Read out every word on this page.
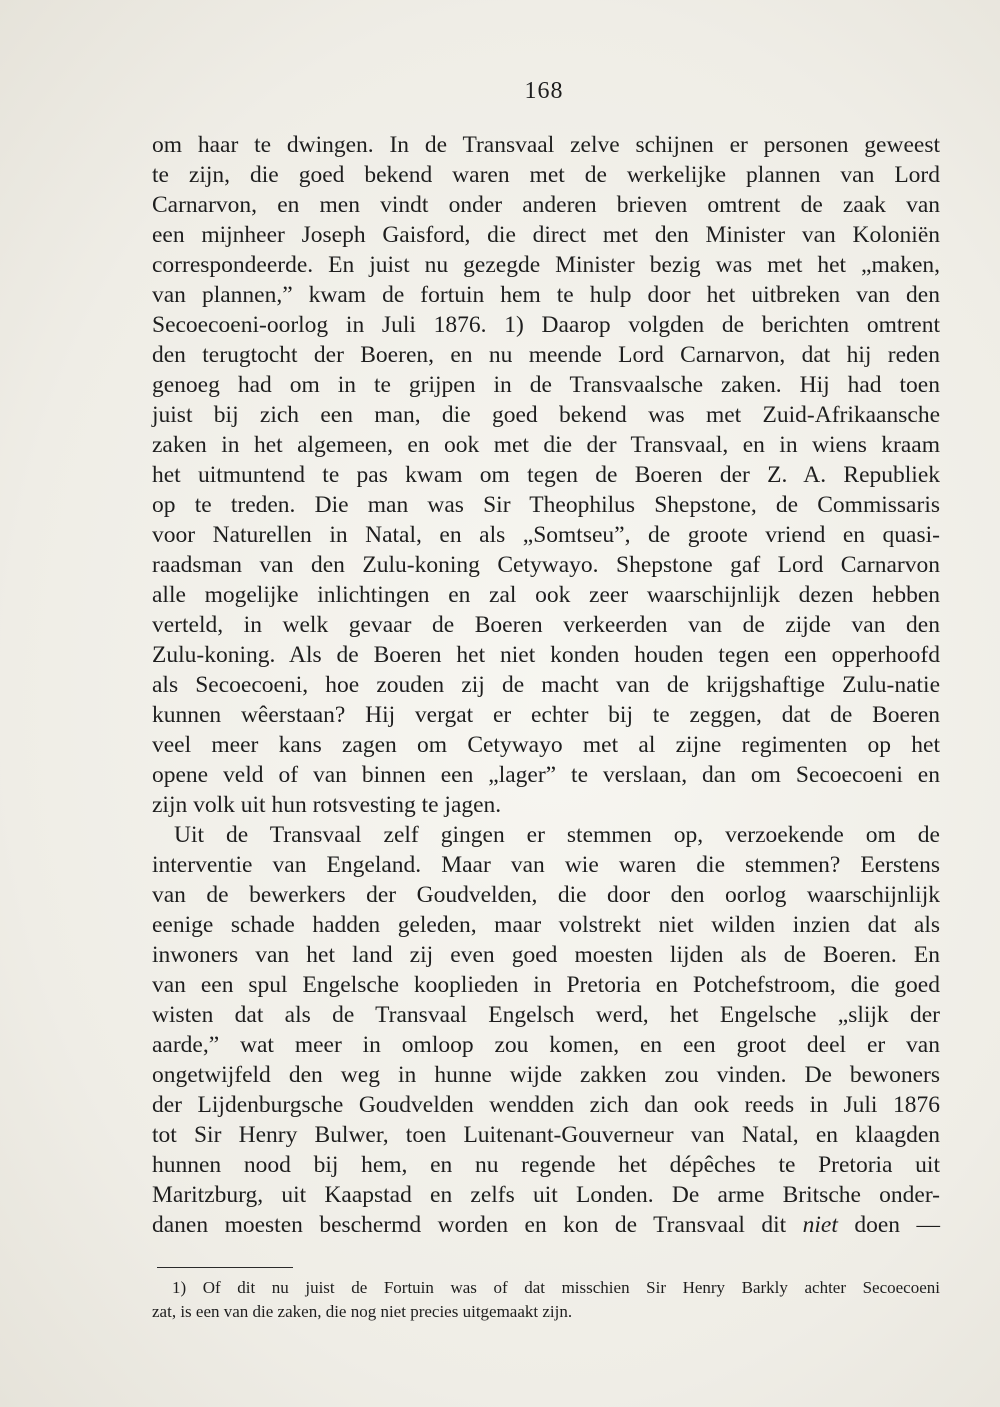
168
om haar te dwingen. In de Transvaal zelve schijnen er personen geweest
te zijn, die goed bekend waren met de werkelijke plannen van Lord
Carnarvon, en men vindt onder anderen brieven omtrent de zaak van
een mijnheer Joseph Gaisford, die direct met den Minister van Koloniën
correspondeerde. En juist nu gezegde Minister bezig was met het „maken,
van plannen,” kwam de fortuin hem te hulp door het uitbreken van den
Secoecoeni-oorlog in Juli 1876. 1) Daarop volgden de berichten omtrent
den terugtocht der Boeren, en nu meende Lord Carnarvon, dat hij reden
genoeg had om in te grijpen in de Transvaalsche zaken. Hij had toen
juist bij zich een man, die goed bekend was met Zuid-Afrikaansche
zaken in het algemeen, en ook met die der Transvaal, en in wiens kraam
het uitmuntend te pas kwam om tegen de Boeren der Z. A. Republiek
op te treden. Die man was Sir Theophilus Shepstone, de Commissaris
voor Naturellen in Natal, en als „Somtseu”, de groote vriend en quasi-
raadsman van den Zulu-koning Cetywayo. Shepstone gaf Lord Carnarvon
alle mogelijke inlichtingen en zal ook zeer waarschijnlijk dezen hebben
verteld, in welk gevaar de Boeren verkeerden van de zijde van den
Zulu-koning. Als de Boeren het niet konden houden tegen een opperhoofd
als Secoecoeni, hoe zouden zij de macht van de krijgshaftige Zulu-natie
kunnen wêerstaan? Hij vergat er echter bij te zeggen, dat de Boeren
veel meer kans zagen om Cetywayo met al zijne regimenten op het
opene veld of van binnen een „lager” te verslaan, dan om Secoecoeni en
zijn volk uit hun rotsvesting te jagen.
Uit de Transvaal zelf gingen er stemmen op, verzoekende om de
interventie van Engeland. Maar van wie waren die stemmen? Eerstens
van de bewerkers der Goudvelden, die door den oorlog waarschijnlijk
eenige schade hadden geleden, maar volstrekt niet wilden inzien dat als
inwoners van het land zij even goed moesten lijden als de Boeren. En
van een spul Engelsche kooplieden in Pretoria en Potchefstroom, die goed
wisten dat als de Transvaal Engelsch werd, het Engelsche „slijk der
aarde,” wat meer in omloop zou komen, en een groot deel er van
ongetwijfeld den weg in hunne wijde zakken zou vinden. De bewoners
der Lijdenburgsche Goudvelden wendden zich dan ook reeds in Juli 1876
tot Sir Henry Bulwer, toen Luitenant-Gouverneur van Natal, en klaagden
hunnen nood bij hem, en nu regende het dépêches te Pretoria uit
Maritzburg, uit Kaapstad en zelfs uit Londen. De arme Britsche onder-
danen moesten beschermd worden en kon de Transvaal dit niet doen —
1) Of dit nu juist de Fortuin was of dat misschien Sir Henry Barkly achter Secoecoeni
zat, is een van die zaken, die nog niet precies uitgemaakt zijn.
